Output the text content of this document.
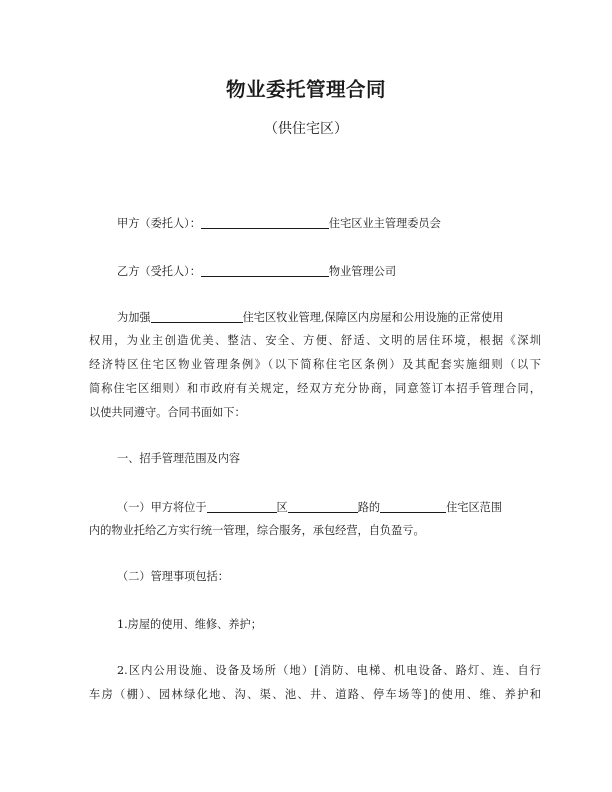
物业委托管理合同
（供住宅区）
甲方（委托人）：	住宅区业主管理委员会
乙方（受托人）：	物业管理公司
为加强	住宅区牧业管理,保障区内房屋和公用设施的正常使用
权用，为业主创造优美、整洁、安全、方便、舒适、文明的居住环境，根据《深圳
经济特区住宅区物业管理条例》（以下简称住宅区条例）及其配套实施细则（以下
简称住宅区细则）和市政府有关规定，经双方充分协商，同意签订本招手管理合同，
以使共同遵守。合同书面如下：
一、招手管理范围及内容
（一）甲方将位于	区	路的	住宅区范围
内的物业托给乙方实行统一管理，综合服务，承包经营，自负盈亏。
（二）管理事项包括：
1.房屋的使用、维修、养护；
2.区内公用设施、设备及场所（地）[消防、电梯、机电设备、路灯、连、自行
车房（棚）、园林绿化地、沟、渠、池、井、道路、停车场等]的使用、维、养护和
